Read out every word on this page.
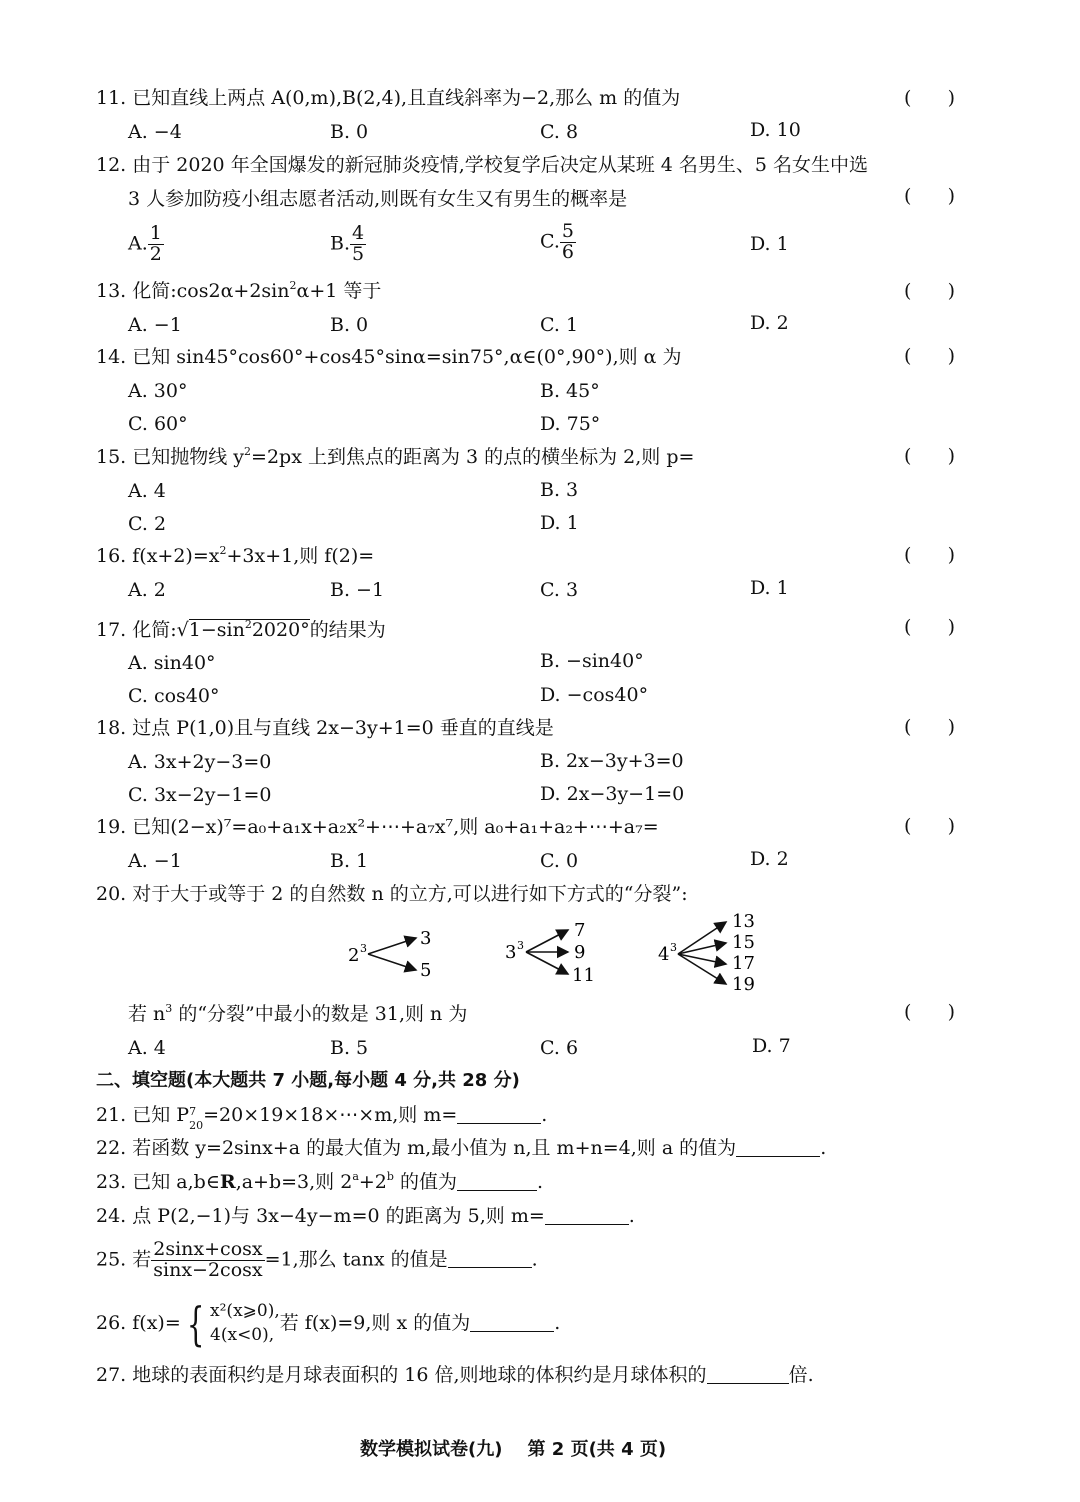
11. 已知直线上两点 A(0,m),B(2,4),且直线斜率为−2,那么 m 的值为	(      )
A. −4	B. 0	C. 8	D. 10
12. 由于 2020 年全国爆发的新冠肺炎疫情,学校复学后决定从某班 4 名男生、5 名女生中选
3 人参加防疫小组志愿者活动,则既有女生又有男生的概率是	(      )
A. $\frac{1}{2}$	B. $\frac{4}{5}$	C. $\frac{5}{6}$	D. 1
13. 化简$:\cos 2\alpha+2\sin^2\alpha+1$ 等于	(      )
A. −1	B. 0	C. 1	D. 2
14. 已知 sin45°cos60°+cos45°sinα=sin75°,α∈(0°,90°),则 α 为	(      )
A. 30°	B. 45°
C. 60°	D. 75°
15. 已知抛物线 $y^2=2px$ 上到焦点的距离为 3 的点的横坐标为 2,则 p=	(      )
A. 4	B. 3
C. 2	D. 1
16. $f(x+2)=x^2+3x+1$,则 f(2)=	(      )
A. 2	B. −1	C. 3	D. 1
17. 化简$:√1-\sin^22020^\circ$的结果为	(      )
A. sin40°	B. −sin40°
C. cos40°	D. −cos40°
18. 过点 P(1,0)且与直线 2x−3y+1=0 垂直的直线是	(      )
A. 3x+2y−3=0	B. 2x−3y+3=0
C. 3x−2y−1=0	D. 2x−3y−1=0
19. 已知(2−x)⁷=a₀+a₁x+a₂x²+⋯+a₇x⁷,则 a₀+a₁+a₂+⋯+a₇=	(      )
A. −1	B. 1	C. 0	D. 2
20. 对于大于或等于 2 的自然数 n 的立方,可以进行如下方式的“分裂”:
2 3	3
5
3 3
7
9
11
4 3
13
15
17
19
若 $n^3$ 的“分裂”中最小的数是 31,则 n 为	(      )
A. 4	B. 5	C. 6	D. 7
二、填空题(本大题共 7 小题,每小题 4 分,共 28 分)
21. 已知 P 7
20 =20×19×18×⋯×m,则 m=	.
22. 若函数 y=2sinx+a 的最大值为 m,最小值为 n,且 m+n=4,则 a 的值为	.
23. 已知 a,b∈R,a+b=3,则 $2^a+2^b$ 的值为	.
24. 点 P(2,−1)与 3x−4y−m=0 的距离为 5,则 m=	.
25. 若 $\frac{2\sin x+\cos x}{\sin x-2\cos x} =1$,那么 tanx 的值是	.
26. f(x)= { x²(x⩾0),
4(x<0),
若 f(x)=9,则 x 的值为	.
27. 地球的表面积约是月球表面积的 16 倍,则地球的体积约是月球体积的	倍.
数学模拟试卷(九)    第 2 页(共 4 页)
